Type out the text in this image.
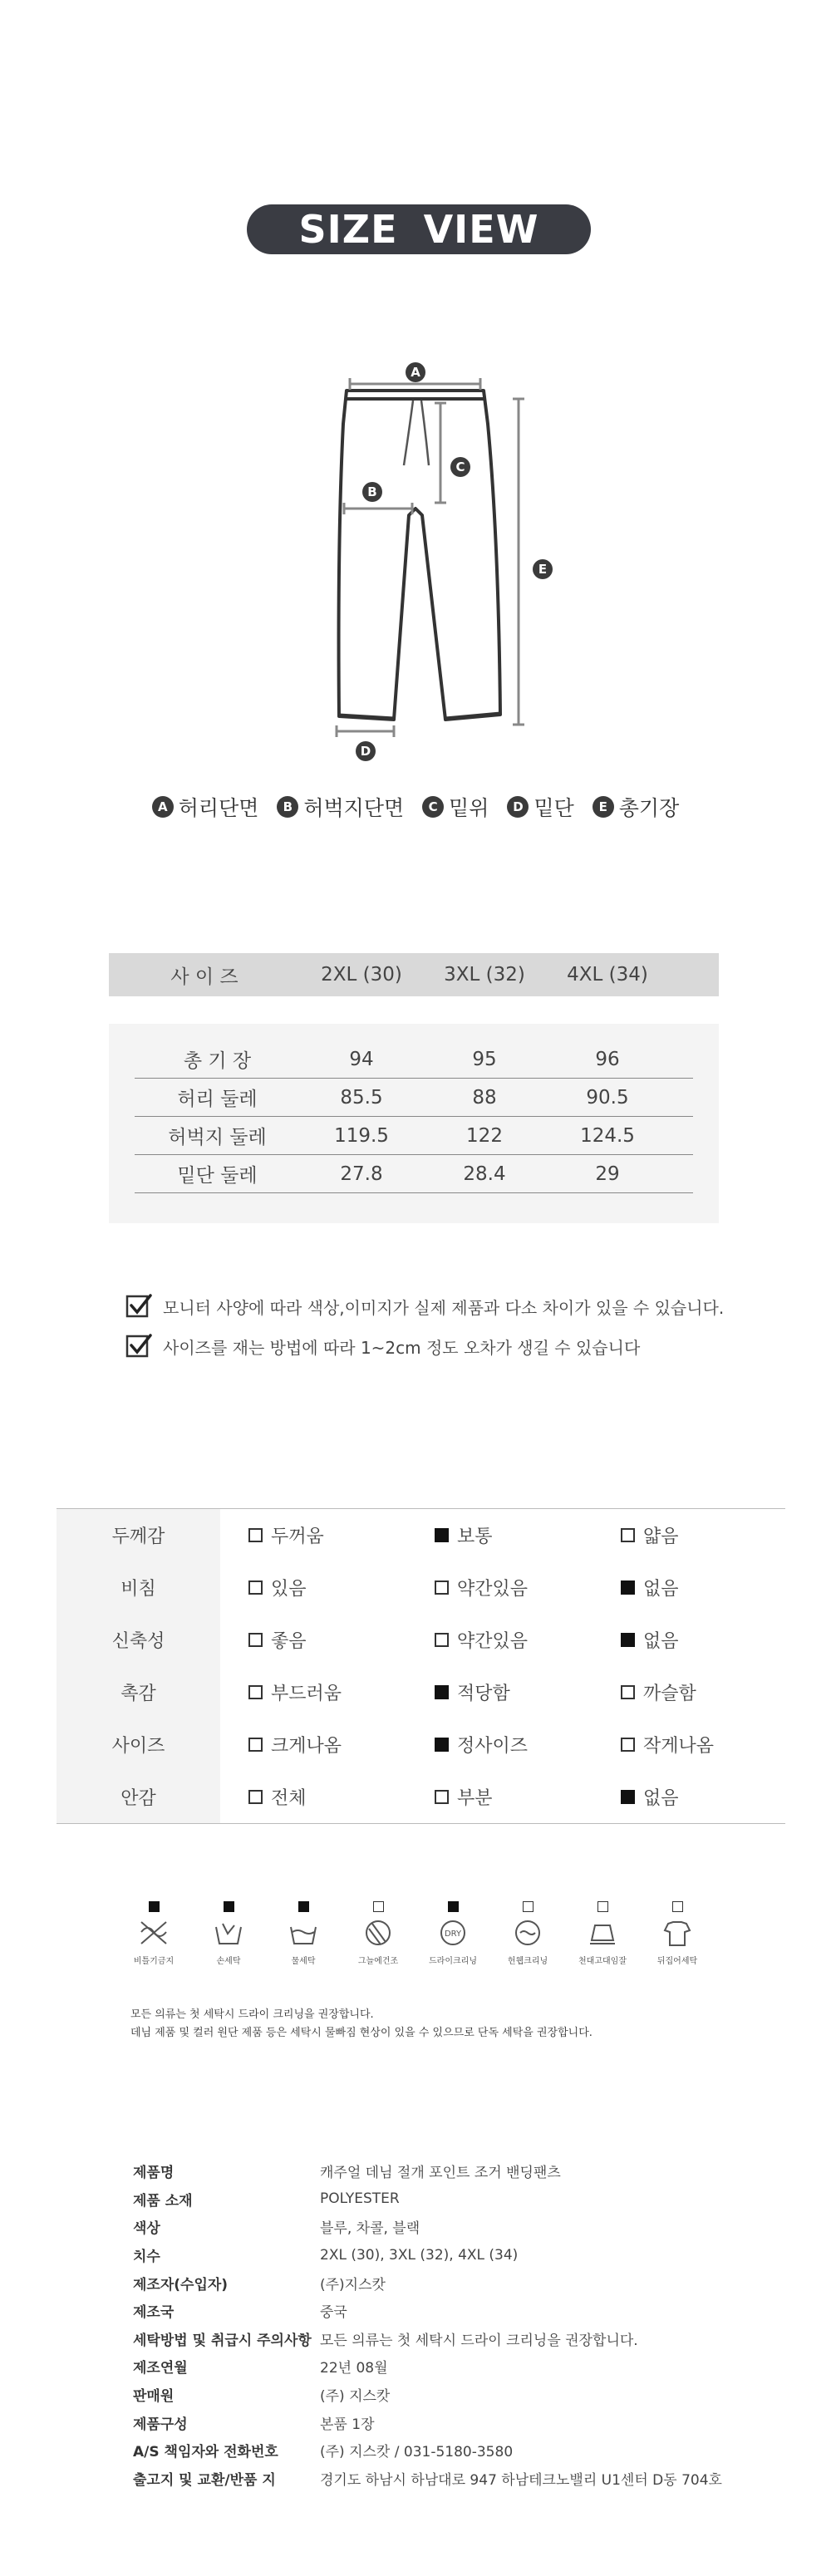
SIZE VIEW
A
B
C
D
E
A 허리단면	B 허벅지단면	C 밑위	D 밑단	E 총기장
사 이 즈	2XL (30)	3XL (32)	4XL (34)
총 기 장	94	95	96
허리 둘레	85.5	88	90.5
허벅지 둘레	119.5	122	124.5
밑단 둘레	27.8	28.4	29
모니터 사양에 따라 색상,이미지가 실제 제품과 다소 차이가 있을 수 있습니다.
사이즈를 재는 방법에 따라 1~2cm 정도 오차가 생길 수 있습니다
두께감	두꺼움	보통	얇음
비침	있음	약간있음	없음
신축성	좋음	약간있음	없음
촉감	부드러움	적당함	까슬함
사이즈	크게나옴	정사이즈	작게나옴
안감	전체	부분	없음
비틀기금지	손세탁	물세탁	그늘에건조
DRY
드라이크리닝	헌웹크리닝	천대고대임잘	뒤집어세탁
모든 의류는 첫 세탁시 드라이 크리닝을 권장합니다.
데님 제품 및 컬러 원단 제품 등은 세탁시 물빠짐 현상이 있을 수 있으므로 단독 세탁을 권장합니다.
제품명	캐주얼 데님 절개 포인트 조거 밴딩팬츠
제품 소재	POLYESTER
색상	블루, 차콜, 블랙
치수	2XL (30), 3XL (32), 4XL (34)
제조자(수입자)	(주)지스캇
제조국	중국
세탁방법 및 취급시 주의사항 모든 의류는 첫 세탁시 드라이 크리닝을 권장합니다.
제조연월	22년 08월
판매원	(주) 지스캇
제품구성	본품 1장
A/S 책임자와 전화번호	(주) 지스캇 / 031-5180-3580
출고지 및 교환/반품 지	경기도 하남시 하남대로 947 하남테크노밸리 U1센터 D동 704호
